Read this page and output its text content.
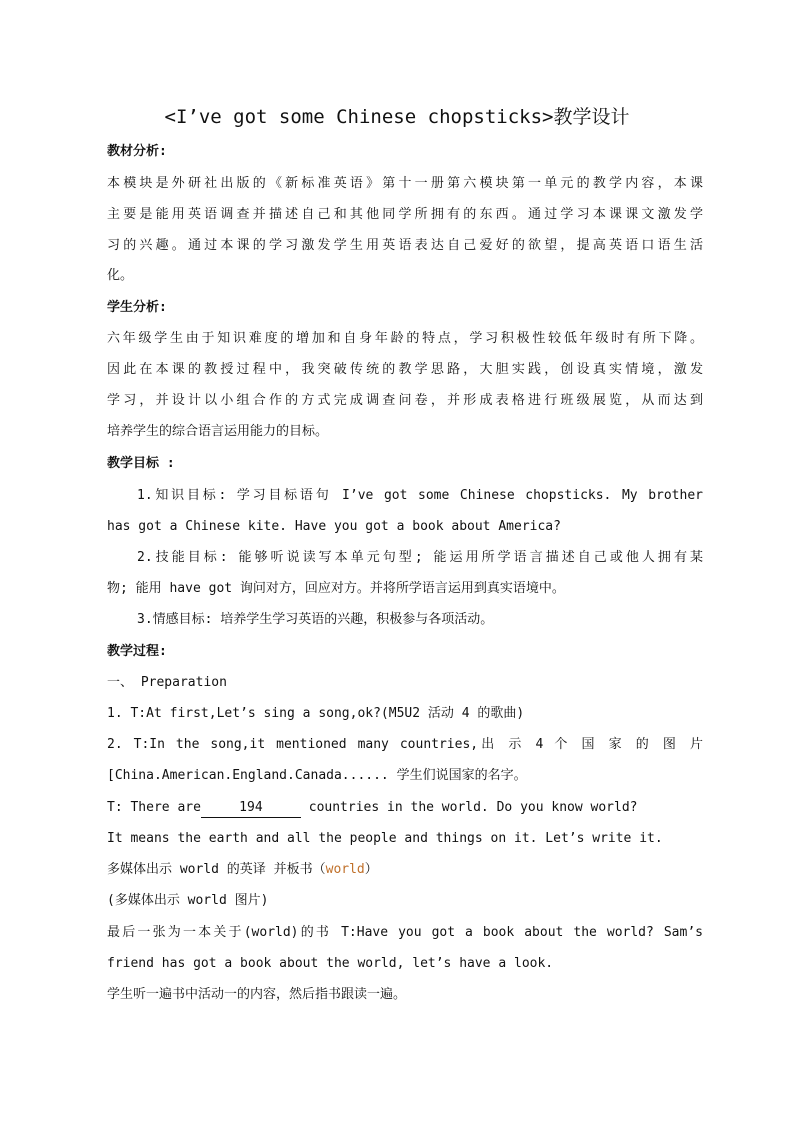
<I’ve got some Chinese chopsticks>教学设计
教材分析:
本模块是外研社出版的《新标准英语》第十一册第六模块第一单元的教学内容，本课
主要是能用英语调查并描述自己和其他同学所拥有的东西。通过学习本课课文激发学
习的兴趣。通过本课的学习激发学生用英语表达自己爱好的欲望，提高英语口语生活
化。
学生分析:
六年级学生由于知识难度的增加和自身年龄的特点，学习积极性较低年级时有所下降。
因此在本课的教授过程中，我突破传统的教学思路，大胆实践，创设真实情境，激发
学习，并设计以小组合作的方式完成调查问卷，并形成表格进行班级展览，从而达到
培养学生的综合语言运用能力的目标。
教学目标 :
1.知识目标: 学习目标语句 I’ve got some Chinese chopsticks. My brother
has got a Chinese kite. Have you got a book about America?
2.技能目标: 能够听说读写本单元句型; 能运用所学语言描述自己或他人拥有某
物; 能用 have got 询问对方，回应对方。并将所学语言运用到真实语境中。
3.情感目标: 培养学生学习英语的兴趣，积极参与各项活动。
教学过程:
一、 Preparation
1. T:At first,Let’s sing a song,ok?(M5U2 活动 4 的歌曲)
2. T:In the song,it mentioned many countries,出 示 4 个 国 家 的 图 片
[China.American.England.Canada...... 学生们说国家的名字。
T: There are	194	countries in the world. Do you know world?
It means the earth and all the people and things on it. Let’s write it.
多媒体出示 world 的英译 并板书（world）
(多媒体出示 world 图片)
最后一张为一本关于(world)的书 T:Have you got a book about the world? Sam’s
friend has got a book about the world, let’s have a look.
学生听一遍书中活动一的内容，然后指书跟读一遍。
